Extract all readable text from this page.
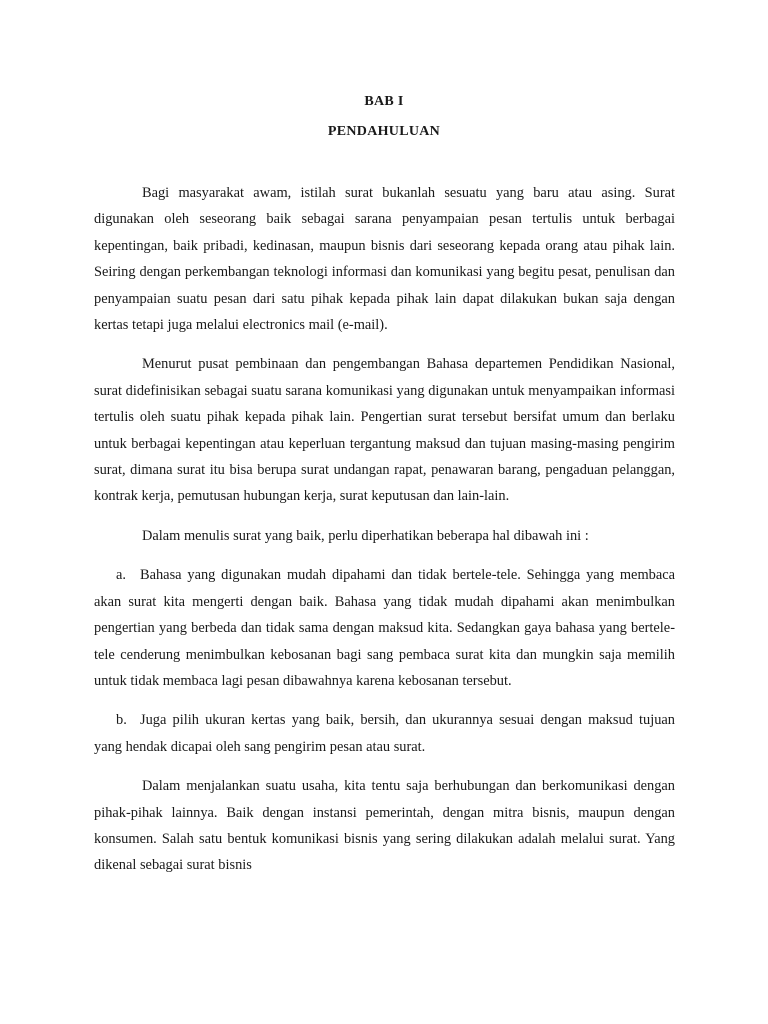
BAB I
PENDAHULUAN

Bagi masyarakat awam, istilah surat bukanlah sesuatu yang baru atau asing. Surat digunakan oleh seseorang baik sebagai sarana penyampaian pesan tertulis untuk berbagai kepentingan, baik pribadi, kedinasan, maupun bisnis dari seseorang kepada orang atau pihak lain. Seiring dengan perkembangan teknologi informasi dan komunikasi yang begitu pesat, penulisan dan penyampaian suatu pesan dari satu pihak kepada pihak lain dapat dilakukan bukan saja dengan kertas tetapi juga melalui electronics mail (e-mail).

Menurut pusat pembinaan dan pengembangan Bahasa departemen Pendidikan Nasional, surat didefinisikan sebagai suatu sarana komunikasi yang digunakan untuk menyampaikan informasi tertulis oleh suatu pihak kepada pihak lain. Pengertian surat tersebut bersifat umum dan berlaku untuk berbagai kepentingan atau keperluan tergantung maksud dan tujuan masing-masing pengirim surat, dimana surat itu bisa berupa surat undangan rapat, penawaran barang, pengaduan pelanggan, kontrak kerja, pemutusan hubungan kerja, surat keputusan dan lain-lain.

Dalam menulis surat yang baik, perlu diperhatikan beberapa hal dibawah ini :

a. Bahasa yang digunakan mudah dipahami dan tidak bertele-tele. Sehingga yang membaca akan surat kita mengerti dengan baik. Bahasa yang tidak mudah dipahami akan menimbulkan pengertian yang berbeda dan tidak sama dengan maksud kita. Sedangkan gaya bahasa yang bertele-tele cenderung menimbulkan kebosanan bagi sang pembaca surat kita dan mungkin saja memilih untuk tidak membaca lagi pesan dibawahnya karena kebosanan tersebut.

b. Juga pilih ukuran kertas yang baik, bersih, dan ukurannya sesuai dengan maksud tujuan yang hendak dicapai oleh sang pengirim pesan atau surat.

Dalam menjalankan suatu usaha, kita tentu saja berhubungan dan berkomunikasi dengan pihak-pihak lainnya. Baik dengan instansi pemerintah, dengan mitra bisnis, maupun dengan konsumen. Salah satu bentuk komunikasi bisnis yang sering dilakukan adalah melalui surat. Yang dikenal sebagai surat bisnis
